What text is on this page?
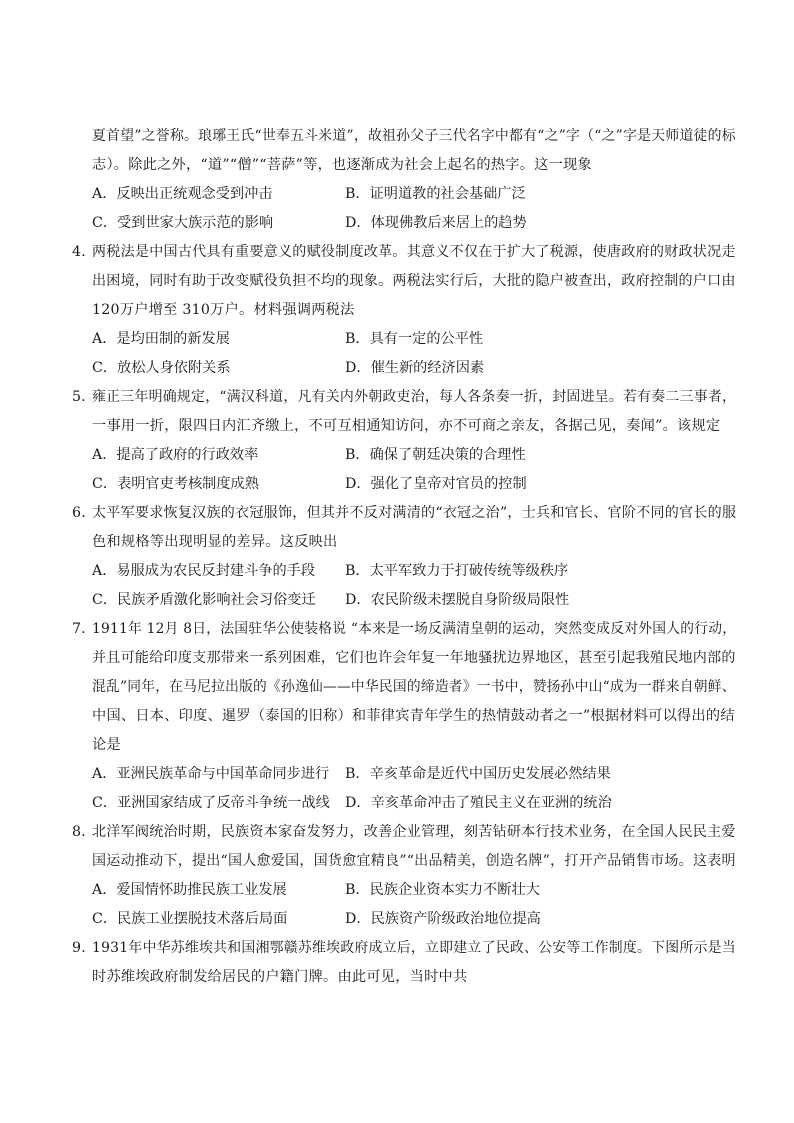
夏首望”之誉称。琅琊王氏“世奉五斗米道”，故祖孙父子三代名字中都有“之”字（“之”字是天师道徒的标
志）。除此之外，“道”“僧”“菩萨”等，也逐渐成为社会上起名的热字。这一现象
A．反映出正统观念受到冲击	B．证明道教的社会基础广泛
C．受到世家大族示范的影响	D．体现佛教后来居上的趋势
4．
两税法是中国古代具有重要意义的赋役制度改革。其意义不仅在于扩大了税源，使唐政府的财政状况走
出困境，同时有助于改变赋役负担不均的现象。两税法实行后，大批的隐户被查出，政府控制的户口由
120万户增至 310万户。材料强调两税法
A．是均田制的新发展	B．具有一定的公平性
C．放松人身依附关系	D．催生新的经济因素
5．
雍正三年明确规定，“满汉科道，凡有关内外朝政吏治，每人各条奏一折，封固进呈。若有奏二三事者，
一事用一折，限四日内汇齐缴上，不可互相通知访问，亦不可商之亲友，各据己见，奏闻”。该规定
A．提高了政府的行政效率	B．确保了朝廷决策的合理性
C．表明官吏考核制度成熟	D．强化了皇帝对官员的控制
6．
太平军要求恢复汉族的衣冠服饰，但其并不反对满清的“衣冠之治”，士兵和官长、官阶不同的官长的服
色和规格等出现明显的差异。这反映出
A．易服成为农民反封建斗争的手段 B．太平军致力于打破传统等级秩序
C．民族矛盾激化影响社会习俗变迁 D．农民阶级未摆脱自身阶级局限性
7．
1911年 12月 8日，法国驻华公使装格说 “本来是一场反满清皇朝的运动，突然变成反对外国人的行动，
并且可能给印度支那带来一系列困难，它们也许会年复一年地骚扰边界地区，甚至引起我殖民地内部的
混乱”同年，在马尼拉出版的《孙逸仙——中华民国的缔造者》一书中，赞扬孙中山“成为一群来自朝鲜、
中国、日本、印度、暹罗（泰国的旧称）和菲律宾青年学生的热情鼓动者之一”根据材料可以得出的结
论是
A．亚洲民族革命与中国革命同步进行 B．辛亥革命是近代中国历史发展必然结果
C．亚洲国家结成了反帝斗争统一战线 D．辛亥革命冲击了殖民主义在亚洲的统治
8．
北洋军阀统治时期，民族资本家奋发努力，改善企业管理，刻苦钻研本行技术业务，在全国人民民主爱
国运动推动下，提出“国人愈爱国，国货愈宜精良”“出品精美，创造名牌”，打开产品销售市场。这表明
A．爱国情怀助推民族工业发展	B．民族企业资本实力不断壮大
C．民族工业摆脱技术落后局面	D．民族资产阶级政治地位提高
9．
1931年中华苏维埃共和国湘鄂赣苏维埃政府成立后，立即建立了民政、公安等工作制度。下图所示是当
时苏维埃政府制发给居民的户籍门牌。由此可见，当时中共
